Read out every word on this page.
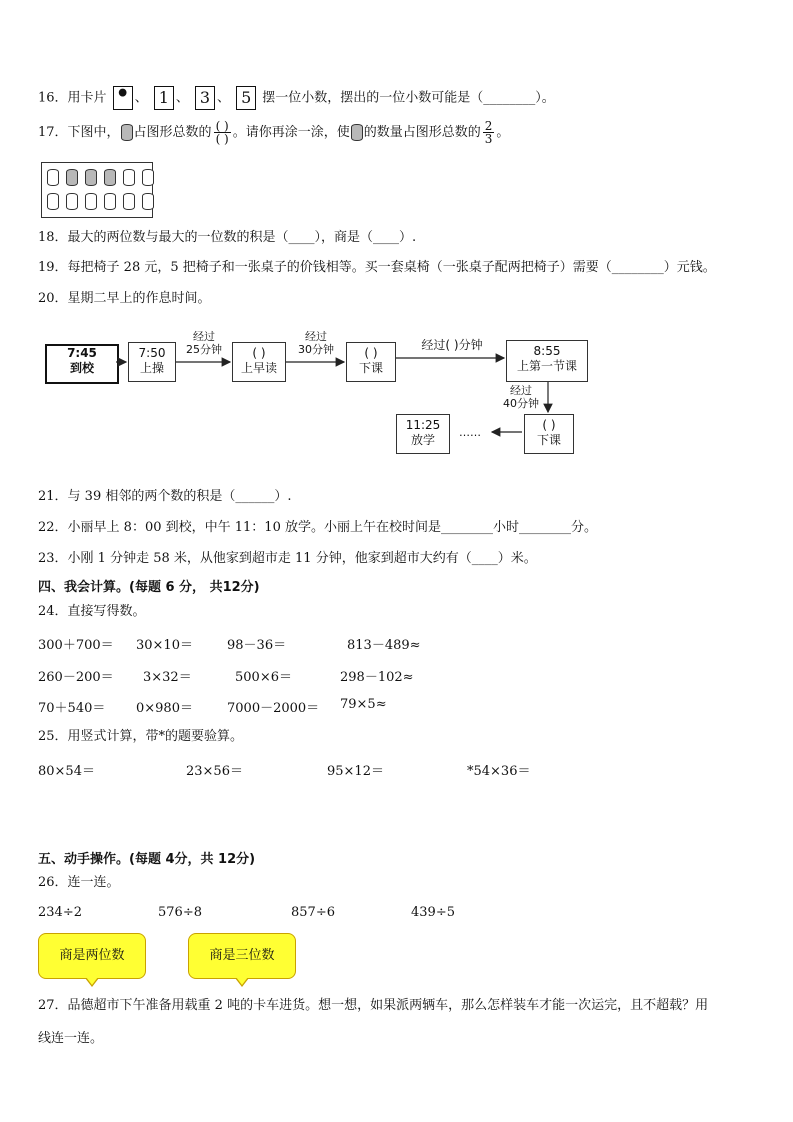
16．用卡片 • 、 1 、 3 、 5 摆一位小数，摆出的一位小数可能是（________）。
17．下图中， 占图形总数的 $\frac{( )}{( )}$ 。请你再涂一涂，使 的数量占图形总数的 $\frac{2}{3}$ 。
18．最大的两位数与最大的一位数的积是（____），商是（____）.
19．每把椅子 28 元，5 把椅子和一张桌子的价钱相等。买一套桌椅（一张桌子配两把椅子）需要（________）元钱。
20．星期二早上的作息时间。
7:45
到校
7:50
上操
( )
上早读
( )
下课
8:55
上第一节课
( )
下课
11:25
放学
经过
25分钟
经过
30分钟	经过( )分钟
经过
40分钟
……
21．与 39 相邻的两个数的积是（______）.
22．小丽早上 8：00 到校，中午 11：10 放学。小丽上午在校时间是________小时________分。
23．小刚 1 分钟走 58 米，从他家到超市走 11 分钟，他家到超市大约有（____）米。
四、我会计算。(每题 6 分， 共12分)
24．直接写得数。
300＋700＝ 30×10＝	98－36＝	813－489≈
260－200＝ 3×32＝	500×6＝	298－102≈
70＋540＝ 0×980＝	7000－2000＝ 79×5≈
25．用竖式计算，带*的题要验算。
80×54＝	23×56＝	95×12＝	*54×36＝
五、动手操作。(每题 4分，共 12分)
26．连一连。
234÷2	576÷8	857÷6	439÷5
商是两位数	商是三位数
27．品德超市下午准备用载重 2 吨的卡车进货。想一想，如果派两辆车，那么怎样装车才能一次运完，且不超载？用
线连一连。
